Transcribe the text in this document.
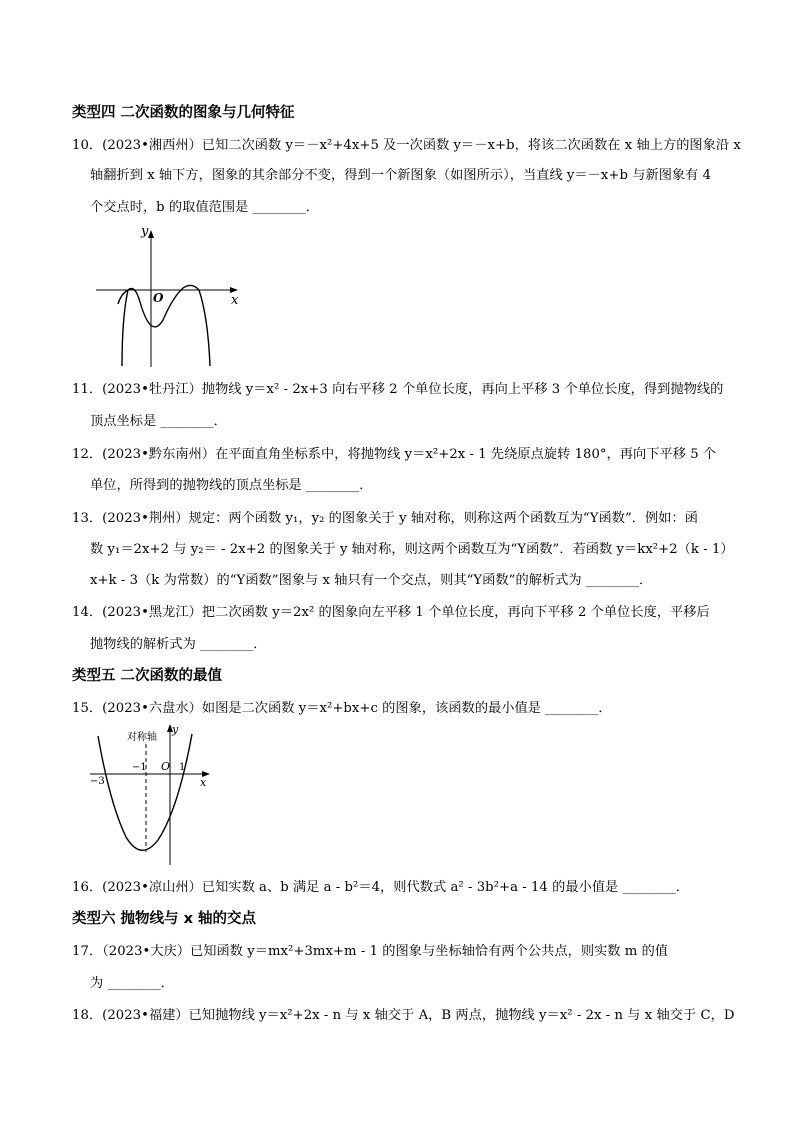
类型四 二次函数的图象与几何特征
10．(2023•湘西州）已知二次函数 y＝－x²+4x+5 及一次函数 y＝－x+b，将该二次函数在 x 轴上方的图象沿 x
轴翻折到 x 轴下方，图象的其余部分不变，得到一个新图象（如图所示），当直线 y＝－x+b 与新图象有 4
个交点时，b 的取值范围是 ________．
y
x
O
11．(2023•牡丹江）抛物线 y＝x² - 2x+3 向右平移 2 个单位长度，再向上平移 3 个单位长度，得到抛物线的
顶点坐标是 ________．
12．(2023•黔东南州）在平面直角坐标系中，将抛物线 y＝x²+2x - 1 先绕原点旋转 180°，再向下平移 5 个
单位，所得到的抛物线的顶点坐标是 ________．
13．(2023•荆州）规定：两个函数 y₁，y₂ 的图象关于 y 轴对称，则称这两个函数互为“Y函数”．例如：函
数 y₁＝2x+2 与 y₂＝ - 2x+2 的图象关于 y 轴对称，则这两个函数互为“Y函数”．若函数 y＝kx²+2（k - 1）
x+k - 3（k 为常数）的“Y函数”图象与 x 轴只有一个交点，则其“Y函数”的解析式为 ________．
14．(2023•黑龙江）把二次函数 y＝2x² 的图象向左平移 1 个单位长度，再向下平移 2 个单位长度，平移后
抛物线的解析式为 ________．
类型五 二次函数的最值
15．(2023•六盘水）如图是二次函数 y＝x²+bx+c 的图象，该函数的最小值是 ________．
对称轴
y
x
O
−3
−1	1
16．(2023•凉山州）已知实数 a、b 满足 a - b²＝4，则代数式 a² - 3b²+a - 14 的最小值是 ________．
类型六 抛物线与 x 轴的交点
17．（2023•大庆）已知函数 y＝mx²+3mx+m - 1 的图象与坐标轴恰有两个公共点，则实数 m 的值
为 ________．
18．(2023•福建）已知抛物线 y＝x²+2x - n 与 x 轴交于 A，B 两点，抛物线 y＝x² - 2x - n 与 x 轴交于 C，D
